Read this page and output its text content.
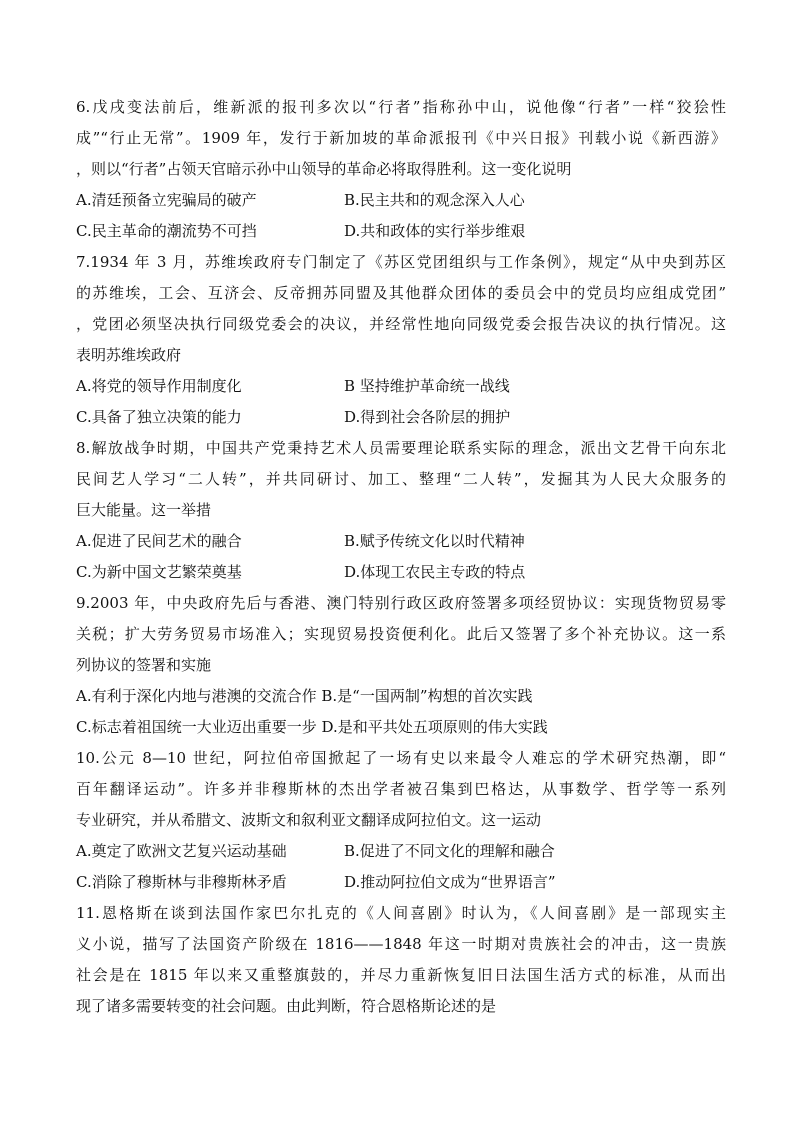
6.戊戌变法前后，维新派的报刊多次以“行者”指称孙中山，说他像“行者”一样“狡狯性
成”“行止无常”。1909 年，发行于新加坡的革命派报刊《中兴日报》刊载小说《新西游》
，则以“行者”占领天官暗示孙中山领导的革命必将取得胜利。这一变化说明
A.清廷预备立宪骗局的破产	B.民主共和的观念深入人心
C.民主革命的潮流势不可挡	D.共和政体的实行举步维艰
7.1934 年 3 月，苏维埃政府专门制定了《苏区党团组织与工作条例》，规定“从中央到苏区
的苏维埃，工会、互济会、反帝拥苏同盟及其他群众团体的委员会中的党员均应组成党团”
，党团必须坚决执行同级党委会的决议，并经常性地向同级党委会报告决议的执行情况。这
表明苏维埃政府
A.将党的领导作用制度化	B 坚持维护革命统一战线
C.具备了独立决策的能力	D.得到社会各阶层的拥护
8.解放战争时期，中国共产党秉持艺术人员需要理论联系实际的理念，派出文艺骨干向东北
民间艺人学习“二人转”，并共同研讨、加工、整理“二人转”，发掘其为人民大众服务的
巨大能量。这一举措
A.促进了民间艺术的融合	B.赋予传统文化以时代精神
C.为新中国文艺繁荣奠基	D.体现工农民主专政的特点
9.2003 年，中央政府先后与香港、澳门特别行政区政府签署多项经贸协议：实现货物贸易零
关税；扩大劳务贸易市场准入；实现贸易投资便利化。此后又签署了多个补充协议。这一系
列协议的签署和实施
A.有利于深化内地与港澳的交流合作 B.是“一国两制”构想的首次实践
C.标志着祖国统一大业迈出重要一步 D.是和平共处五项原则的伟大实践
10.公元 8—10 世纪，阿拉伯帝国掀起了一场有史以来最令人难忘的学术研究热潮，即“
百年翻译运动”。许多并非穆斯林的杰出学者被召集到巴格达，从事数学、哲学等一系列
专业研究，并从希腊文、波斯文和叙利亚文翻译成阿拉伯文。这一运动
A.奠定了欧洲文艺复兴运动基础	B.促进了不同文化的理解和融合
C.消除了穆斯林与非穆斯林矛盾	D.推动阿拉伯文成为“世界语言”
11.恩格斯在谈到法国作家巴尔扎克的《人间喜剧》时认为，《人间喜剧》是一部现实主
义小说，描写了法国资产阶级在 1816——1848 年这一时期对贵族社会的冲击，这一贵族
社会是在 1815 年以来又重整旗鼓的，并尽力重新恢复旧日法国生活方式的标准，从而出
现了诸多需要转变的社会问题。由此判断，符合恩格斯论述的是
